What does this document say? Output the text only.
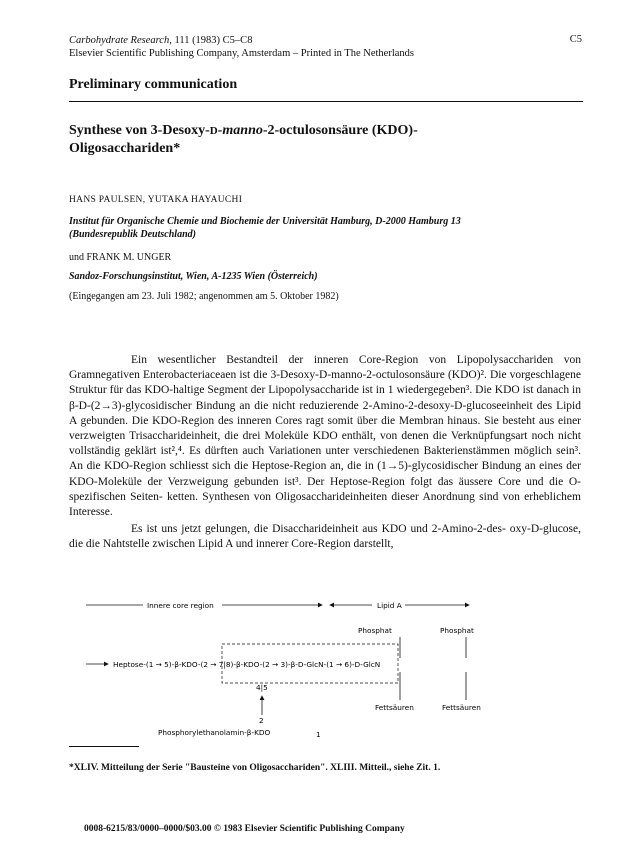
Carbohydrate Research, 111 (1983) C5–C8
Elsevier Scientific Publishing Company, Amsterdam – Printed in The Netherlands
C5
Preliminary communication
Synthese von 3-Desoxy-D-manno-2-octulosonsäure (KDO)-
Oligosacchariden*
HANS PAULSEN, YUTAKA HAYAUCHI
Institut für Organische Chemie und Biochemie der Universität Hamburg, D-2000 Hamburg 13
(Bundesrepublik Deutschland)
und FRANK M. UNGER
Sandoz-Forschungsinstitut, Wien, A-1235 Wien (Österreich)
(Eingegangen am 23. Juli 1982; angenommen am 5. Oktober 1982)

Ein wesentlicher Bestandteil der inneren Core-Region von Lipopolysacchariden von Gramnegativen Enterobacteriaceaen ist die 3-Desoxy-D-manno-2-octulosonsäure (KDO)². Die vorgeschlagene Struktur für das KDO-haltige Segment der Lipopolysaccharide ist in 1 wiedergegeben³. Die KDO ist danach in β-D-(2→3)-glycosidischer Bindung an die nicht reduzierende 2-Amino-2-desoxy-D-glucoseeinheit des Lipid A gebunden. Die KDO-Region des inneren Cores ragt somit über die Membran hinaus. Sie besteht aus einer verzweigten Trisaccharideinheit, die drei Moleküle KDO enthält, von denen die Verknüpfungsart noch nicht vollständig geklärt ist²,⁴. Es dürften auch Variationen unter verschiedenen Bakterienstämmen möglich sein³. An die KDO-Region schliesst sich die Heptose-Region an, die in (1→5)-glycosidischer Bindung an eines der KDO-Moleküle der Verzweigung gebunden ist³. Der Heptose-Region folgt das äussere Core und die O-spezifischen Seiten- ketten. Synthesen von Oligosaccharideinheiten dieser Anordnung sind von erheblichem Interesse.

Es ist uns jetzt gelungen, die Disaccharideinheit aus KDO und 2-Amino-2-des- oxy-D-glucose, die die Nahtstelle zwischen Lipid A und innerer Core-Region darstellt,

Innere core region	Lipid A
Phosphat	Phosphat
Heptose-(1 → 5)-β-KDO-(2 → 7|8)-β-KDO-(2 → 3)-β-D-GlcN-(1 → 6)-D-GlcN
Fettsäuren	Fettsäuren
4|5
2
Phosphorylethanolamin-β-KDO	1
*XLIV. Mitteilung der Serie "Bausteine von Oligosacchariden". XLIII. Mitteil., siehe Zit. 1.
0008-6215/83/0000–0000/$03.00 © 1983 Elsevier Scientific Publishing Company
